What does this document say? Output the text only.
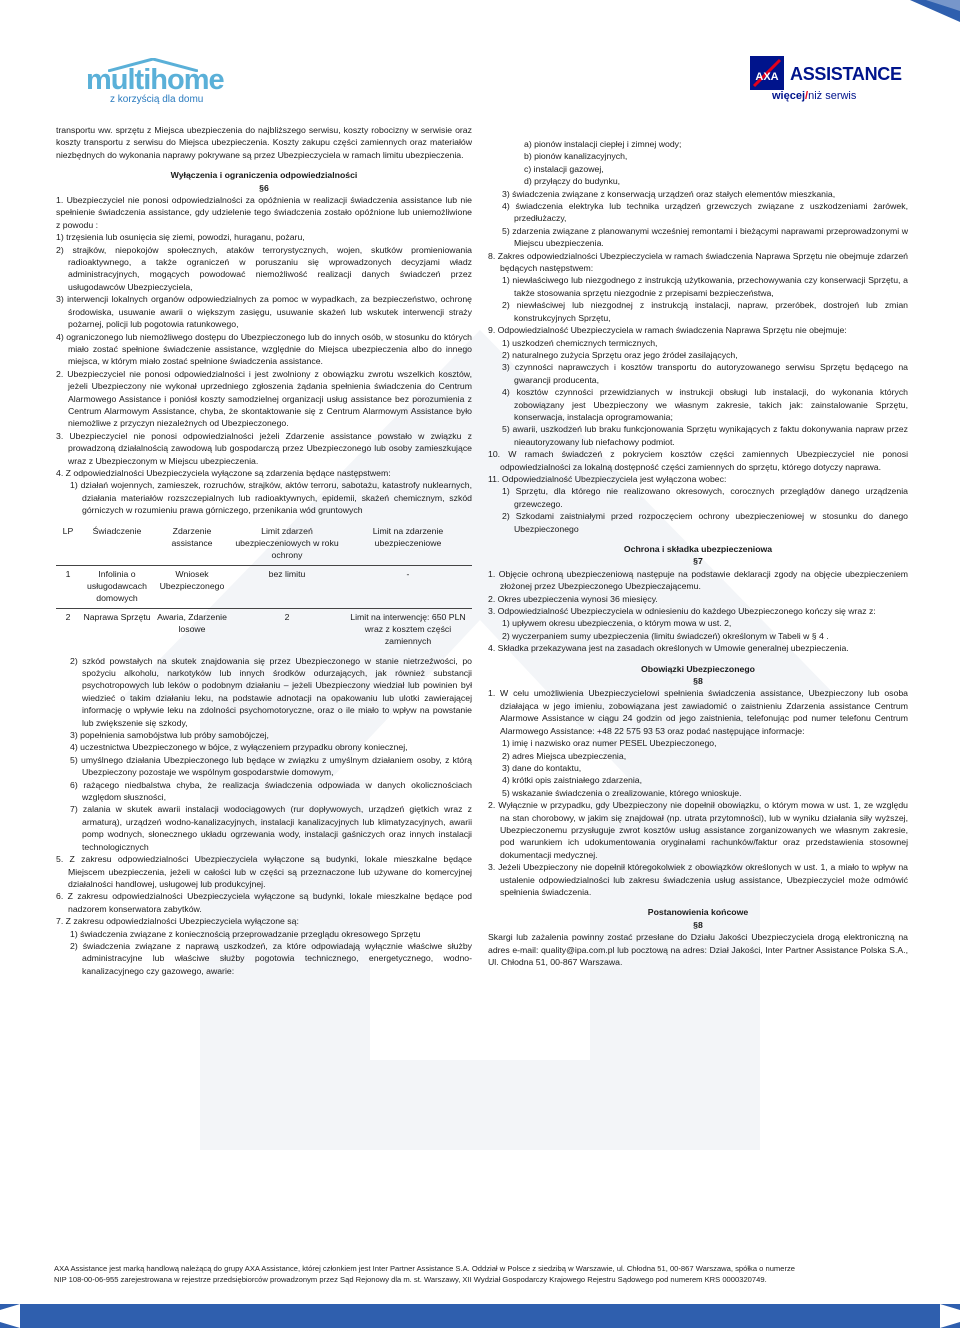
multihome
z korzyścią dla domu
AXA ASSISTANCE
więcej/niż serwis

transportu ww. sprzętu z Miejsca ubezpieczenia do najbliższego serwisu, koszty robocizny w serwisie oraz koszty transportu z serwisu do Miejsca ubezpieczenia. Koszty zakupu części zamiennych oraz materiałów niezbędnych do wykonania naprawy pokrywane są przez Ubezpieczyciela w ramach limitu ubezpieczenia.

Wyłączenia i ograniczenia odpowiedzialności

§6

1. Ubezpieczyciel nie ponosi odpowiedzialności za opóźnienia w realizacji świadczenia assistance lub nie spełnienie świadczenia assistance, gdy udzielenie tego świadczenia zostało opóźnione lub uniemożliwione z powodu :

1) trzęsienia lub osunięcia się ziemi, powodzi, huraganu, pożaru,

2) strajków, niepokojów społecznych, ataków terrorystycznych, wojen, skutków promieniowania radioaktywnego, a także ograniczeń w poruszaniu się wprowadzonych decyzjami władz administracyjnych, mogących powodować niemożliwość realizacji danych świadczeń przez usługodawców Ubezpieczyciela,

3) interwencji lokalnych organów odpowiedzialnych za pomoc w wypadkach, za bezpieczeństwo, ochronę środowiska, usuwanie awarii o większym zasięgu, usuwanie skażeń lub wskutek interwencji straży pożarnej, policji lub pogotowia ratunkowego,

4) ograniczonego lub niemożliwego dostępu do Ubezpieczonego lub do innych osób, w stosunku do których miało zostać spełnione świadczenie assistance, względnie do Miejsca ubezpieczenia albo do innego miejsca, w którym miało zostać spełnione świadczenia assistance.

2. Ubezpieczyciel nie ponosi odpowiedzialności i jest zwolniony z obowiązku zwrotu wszelkich kosztów, jeżeli Ubezpieczony nie wykonał uprzedniego zgłoszenia żądania spełnienia świadczenia do Centrum Alarmowego Assistance i poniósł koszty samodzielnej organizacji usług assistance bez porozumienia z Centrum Alarmowym Assistance, chyba, że skontaktowanie się z Centrum Alarmowym Assistance było niemożliwe z przyczyn niezależnych od Ubezpieczonego.

3. Ubezpieczyciel nie ponosi odpowiedzialności jeżeli Zdarzenie assistance powstało w związku z prowadzoną działalnością zawodową lub gospodarczą przez Ubezpieczonego lub osoby zamieszkujące wraz z Ubezpieczonym w Miejscu ubezpieczenia.

4. Z odpowiedzialności Ubezpieczyciela wyłączone są zdarzenia będące następstwem:

1) działań wojennych, zamieszek, rozruchów, strajków, aktów terroru, sabotażu, katastrofy nuklearnych, działania materiałów rozszczepialnych lub radioaktywnych, epidemii, skażeń chemicznym, szkód górniczych w rozumieniu prawa górniczego, przenikania wód gruntowych

LP	Świadczenie	Zdarzenie assistance	Limit zdarzeń ubezpieczeniowych w roku ochrony	Limit na zdarzenie ubezpieczeniowe
1	Infolinia o usługodawcach domowych	Wniosek Ubezpieczonego	bez limitu	-
2	Naprawa Sprzętu	Awaria, Zdarzenie losowe	2	Limit na interwencję: 650 PLN wraz z kosztem części zamiennych

2) szkód powstałych na skutek znajdowania się przez Ubezpieczonego w stanie nietrzeźwości, po spożyciu alkoholu, narkotyków lub innych środków odurzających, jak również substancji psychotropowych lub leków o podobnym działaniu – jeżeli Ubezpieczony wiedział lub powinien był wiedzieć o takim działaniu leku, na podstawie adnotacji na opakowaniu lub ulotki zawierającej informację o wpływie leku na zdolności psychomotoryczne, oraz o ile miało to wpływ na powstanie lub zwiększenie się szkody,

3) popełnienia samobójstwa lub próby samobójczej,

4) uczestnictwa Ubezpieczonego w bójce, z wyłączeniem przypadku obrony koniecznej,

5) umyślnego działania Ubezpieczonego lub będące w związku z umyślnym działaniem osoby, z którą Ubezpieczony pozostaje we wspólnym gospodarstwie domowym,

6) rażącego niedbalstwa chyba, że realizacja świadczenia odpowiada w danych okolicznościach względom słuszności,

7) zalania w skutek awarii instalacji wodociągowych (rur dopływowych, urządzeń giętkich wraz z armaturą), urządzeń wodno-kanalizacyjnych, instalacji kanalizacyjnych lub klimatyzacyjnych, awarii pomp wodnych, słonecznego układu ogrzewania wody, instalacji gaśniczych oraz innych instalacji technologicznych

5. Z zakresu odpowiedzialności Ubezpieczyciela wyłączone są budynki, lokale mieszkalne będące Miejscem ubezpieczenia, jeżeli w całości lub w części są przeznaczone lub używane do komercyjnej działalności handlowej, usługowej lub produkcyjnej.

6. Z zakresu odpowiedzialności Ubezpieczyciela wyłączone są budynki, lokale mieszkalne będące pod nadzorem konserwatora zabytków.

7. Z zakresu odpowiedzialności Ubezpieczyciela wyłączone są:

1) świadczenia związane z koniecznością przeprowadzanie przeglądu okresowego Sprzętu

2) świadczenia związane z naprawą uszkodzeń, za które odpowiadają wyłącznie właściwe służby administracyjne lub właściwe służby pogotowia technicznego, energetycznego, wodno-kanalizacyjnego czy gazowego, awarie:

a) pionów instalacji ciepłej i zimnej wody;

b) pionów kanalizacyjnych,

c) instalacji gazowej,

d) przyłączy do budynku,

3) świadczenia związane z konserwacją urządzeń oraz stałych elementów mieszkania,

4) świadczenia elektryka lub technika urządzeń grzewczych związane z uszkodzeniami żarówek, przedłużaczy,

5) zdarzenia związane z planowanymi wcześniej remontami i bieżącymi naprawami przeprowadzonymi w Miejscu ubezpieczenia.

8. Zakres odpowiedzialności Ubezpieczyciela w ramach świadczenia Naprawa Sprzętu nie obejmuje zdarzeń będących następstwem:

1) niewłaściwego lub niezgodnego z instrukcją użytkowania, przechowywania czy konserwacji Sprzętu, a także stosowania sprzętu niezgodnie z przepisami bezpieczeństwa,

2) niewłaściwej lub niezgodnej z instrukcją instalacji, napraw, przeróbek, dostrojeń lub zmian konstrukcyjnych Sprzętu,

9. Odpowiedzialność Ubezpieczyciela w ramach świadczenia Naprawa Sprzętu nie obejmuje:

1) uszkodzeń chemicznych termicznych,

2) naturalnego zużycia Sprzętu oraz jego źródeł zasilających,

3) czynności naprawczych i kosztów transportu do autoryzowanego serwisu Sprzętu będącego na gwarancji producenta,

4) kosztów czynności przewidzianych w instrukcji obsługi lub instalacji, do wykonania których zobowiązany jest Ubezpieczony we własnym zakresie, takich jak: zainstalowanie Sprzętu, konserwacja, instalacja oprogramowania;

5) awarii, uszkodzeń lub braku funkcjonowania Sprzętu wynikających z faktu dokonywania napraw przez nieautoryzowany lub niefachowy podmiot.

10. W ramach świadczeń z pokryciem kosztów części zamiennych Ubezpieczyciel nie ponosi odpowiedzialności za lokalną dostępność części zamiennych do sprzętu, którego dotyczy naprawa.

11. Odpowiedzialność Ubezpieczyciela jest wyłączona wobec:

1) Sprzętu, dla którego nie realizowano okresowych, corocznych przeglądów danego urządzenia grzewczego.

2) Szkodami zaistniałymi przed rozpoczęciem ochrony ubezpieczeniowej w stosunku do danego Ubezpieczonego

Ochrona i składka ubezpieczeniowa

§7

1. Objęcie ochroną ubezpieczeniową następuje na podstawie deklaracji zgody na objęcie ubezpieczeniem złożonej przez Ubezpieczonego Ubezpieczającemu.

2. Okres ubezpieczenia wynosi 36 miesięcy.

3. Odpowiedzialność Ubezpieczyciela w odniesieniu do każdego Ubezpieczonego kończy się wraz z:

1) upływem okresu ubezpieczenia, o którym mowa w ust. 2,

2) wyczerpaniem sumy ubezpieczenia (limitu świadczeń) określonym w Tabeli w § 4 .

4. Składka przekazywana jest na zasadach określonych w Umowie generalnej ubezpieczenia.

Obowiązki Ubezpieczonego

§8

1. W celu umożliwienia Ubezpieczycielowi spełnienia świadczenia assistance, Ubezpieczony lub osoba działająca w jego imieniu, zobowiązana jest zawiadomić o zaistnieniu Zdarzenia assistance Centrum Alarmowe Assistance w ciągu 24 godzin od jego zaistnienia, telefonując pod numer telefonu Centrum Alarmowego Assistance: +48 22 575 93 53 oraz podać następujące informacje:

1) imię i nazwisko oraz numer PESEL Ubezpieczonego,

2) adres Miejsca ubezpieczenia,

3) dane do kontaktu,

4) krótki opis zaistniałego zdarzenia,

5) wskazanie świadczenia o zrealizowanie, którego wnioskuje.

2. Wyłącznie w przypadku, gdy Ubezpieczony nie dopełnił obowiązku, o którym mowa w ust. 1, ze względu na stan chorobowy, w jakim się znajdował (np. utrata przytomności), lub w wyniku działania siły wyższej, Ubezpieczonemu przysługuje zwrot kosztów usług assistance zorganizowanych we własnym zakresie, pod warunkiem ich udokumentowania oryginałami rachunków/faktur oraz przedstawienia stosownej dokumentacji medycznej.

3. Jeżeli Ubezpieczony nie dopełnił któregokolwiek z obowiązków określonych w ust. 1, a miało to wpływ na ustalenie odpowiedzialności lub zakresu świadczenia usług assistance, Ubezpieczyciel może odmówić spełnienia świadczenia.

Postanowienia końcowe

§8

Skargi lub zażalenia powinny zostać przesłane do Działu Jakości Ubezpieczyciela drogą elektroniczną na adres e-mail: quality@ipa.com.pl lub pocztową na adres: Dział Jakości, Inter Partner Assistance Polska S.A., Ul. Chłodna 51, 00-867 Warszawa.

AXA Assistance jest marką handlową należącą do grupy AXA Assistance, której członkiem jest Inter Partner Assistance S.A. Oddział w Polsce z siedzibą w Warszawie, ul. Chłodna 51, 00-867 Warszawa, spółka o numerze
NIP 108-00-06-955 zarejestrowana w rejestrze przedsiębiorców prowadzonym przez Sąd Rejonowy dla m. st. Warszawy, XII Wydział Gospodarczy Krajowego Rejestru Sądowego pod numerem KRS 0000320749.
